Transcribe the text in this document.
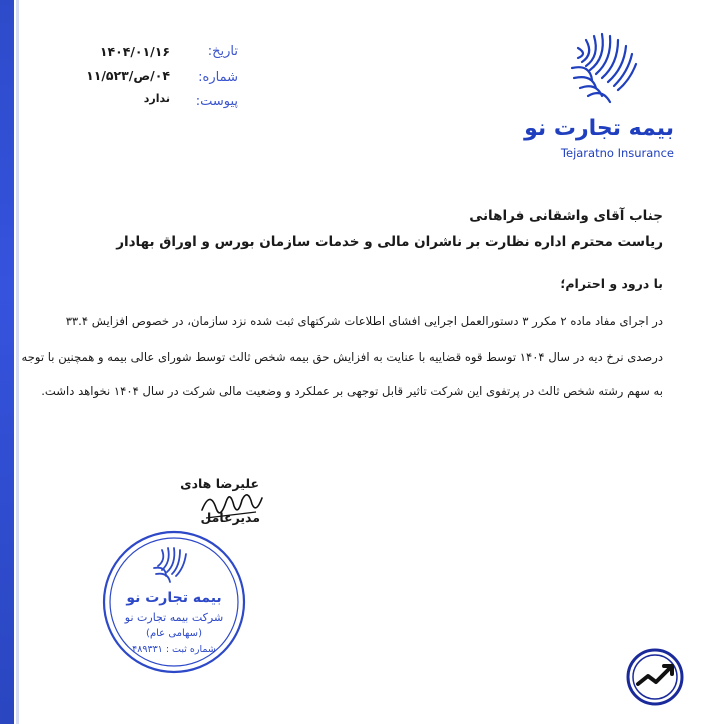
بیمه تجارت نو
Tejaratno Insurance
تاریخ:
۱۴۰۴/۰۱/۱۶
شماره:
۰۴/ص/۱۱/۵۲۳
پیوست:
ندارد
جناب آقای واشقانی فراهانی
ریاست محترم اداره نظارت بر ناشران مالی و خدمات سازمان بورس و اوراق بهادار
با درود و احترام؛
در اجرای مفاد ماده ۲ مکرر ۳ دستورالعمل اجرایی افشای اطلاعات شرکتهای ثبت شده نزد سازمان، در خصوص افزایش ۳۳.۴
درصدی نرخ دیه در سال ۱۴۰۴ توسط قوه قضاییه با عنایت به افزایش حق بیمه شخص ثالث توسط شورای عالی بیمه و همچنین با توجه
به سهم رشته شخص ثالث در پرتفوی این شرکت تاثیر قابل توجهی بر عملکرد و وضعیت مالی شرکت در سال ۱۴۰۴ نخواهد داشت.
علیرضا هادی
مدیرعامل
بیمه تجارت نو
شرکت بیمه تجارت نو
(سهامی عام)
شماره ثبت : ۴۸۹۳۳۱
